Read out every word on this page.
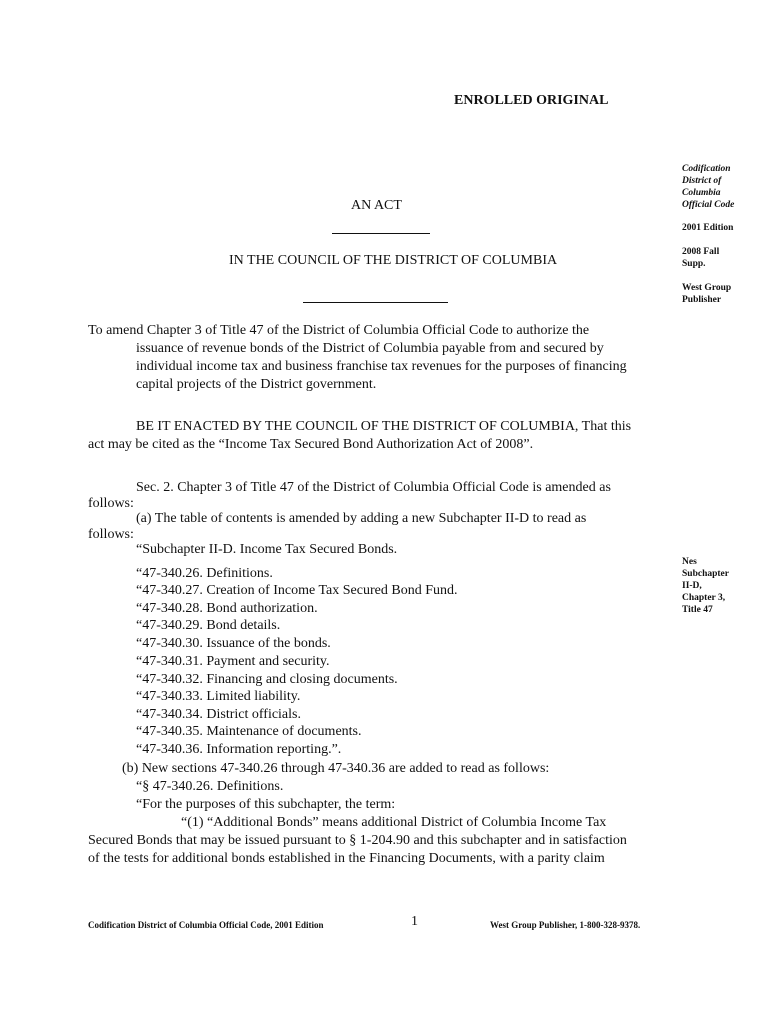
ENROLLED ORIGINAL
Codification
District of
Columbia
Official Code
2001 Edition
2008 Fall
Supp.
West Group
Publisher
Nes
Subchapter
II-D,
Chapter 3,
Title 47
AN ACT
IN THE COUNCIL OF THE DISTRICT OF COLUMBIA
To amend Chapter 3 of Title 47 of the District of Columbia Official Code to authorize the
issuance of revenue bonds of the District of Columbia payable from and secured by
individual income tax and business franchise tax revenues for the purposes of financing
capital projects of the District government.
BE IT ENACTED BY THE COUNCIL OF THE DISTRICT OF COLUMBIA, That this
act may be cited as the “Income Tax Secured Bond Authorization Act of 2008”.
Sec. 2. Chapter 3 of Title 47 of the District of Columbia Official Code is amended as
follows:
(a) The table of contents is amended by adding a new Subchapter II-D to read as
follows:
“Subchapter II-D. Income Tax Secured Bonds.
“47-340.26. Definitions.
“47-340.27. Creation of Income Tax Secured Bond Fund.
“47-340.28. Bond authorization.
“47-340.29. Bond details.
“47-340.30. Issuance of the bonds.
“47-340.31. Payment and security.
“47-340.32. Financing and closing documents.
“47-340.33. Limited liability.
“47-340.34. District officials.
“47-340.35. Maintenance of documents.
“47-340.36. Information reporting.”.
(b) New sections 47-340.26 through 47-340.36 are added to read as follows:
“§ 47-340.26. Definitions.
“For the purposes of this subchapter, the term:
“(1) “Additional Bonds” means additional District of Columbia Income Tax
Secured Bonds that may be issued pursuant to § 1-204.90 and this subchapter and in satisfaction
of the tests for additional bonds established in the Financing Documents, with a parity claim
Codification District of Columbia Official Code, 2001 Edition	1	West Group Publisher, 1-800-328-9378.
